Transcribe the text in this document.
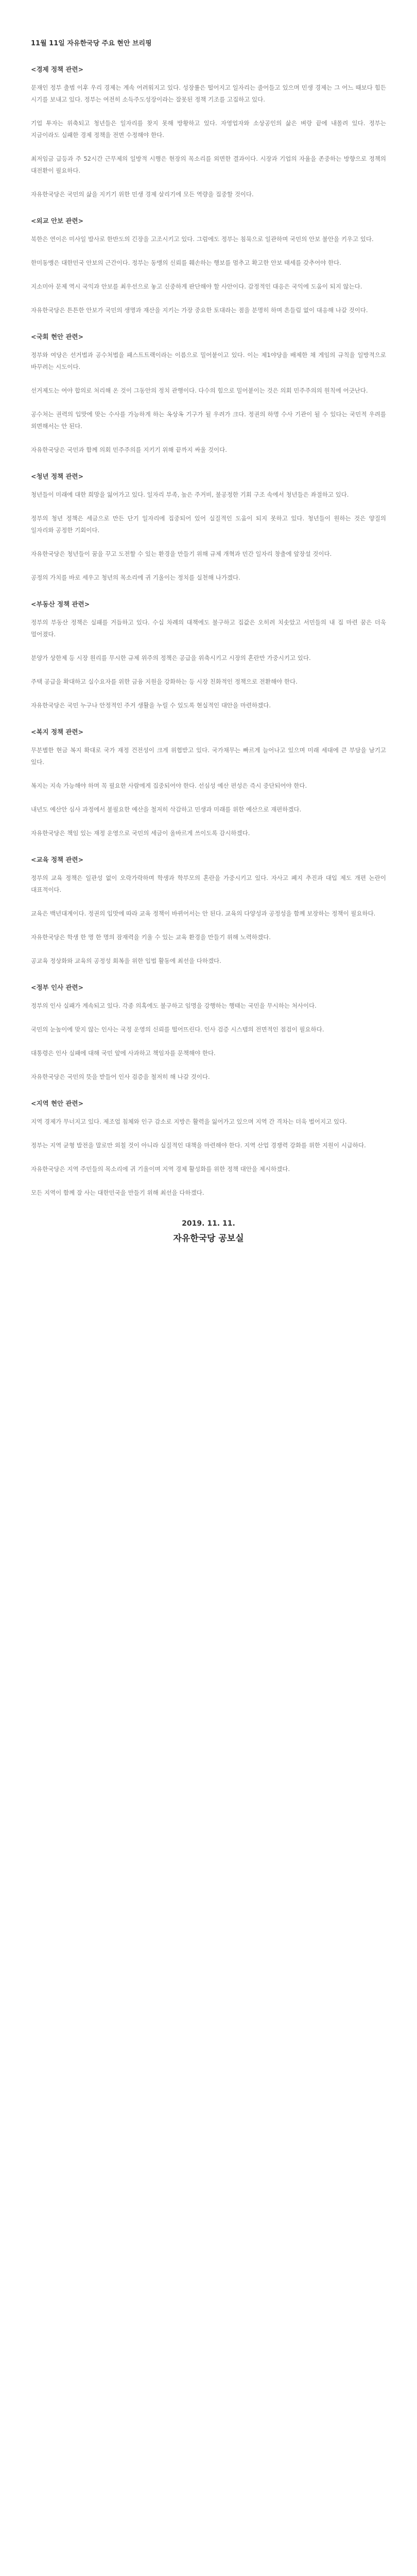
11월 11일 자유한국당 주요 현안 브리핑
<경제 정책 관련>

문재인 정부 출범 이후 우리 경제는 계속 어려워지고 있다. 성장률은 떨어지고 일자리는 줄어들고 있으며 민생 경제는 그 어느 때보다 힘든 시기를 보내고 있다. 정부는 여전히 소득주도성장이라는 잘못된 정책 기조를 고집하고 있다.

기업 투자는 위축되고 청년들은 일자리를 찾지 못해 방황하고 있다. 자영업자와 소상공인의 삶은 벼랑 끝에 내몰려 있다. 정부는 지금이라도 실패한 경제 정책을 전면 수정해야 한다.

최저임금 급등과 주 52시간 근무제의 일방적 시행은 현장의 목소리를 외면한 결과이다. 시장과 기업의 자율을 존중하는 방향으로 정책의 대전환이 필요하다.

자유한국당은 국민의 삶을 지키기 위한 민생 경제 살리기에 모든 역량을 집중할 것이다.

<외교 안보 관련>

북한은 연이은 미사일 발사로 한반도의 긴장을 고조시키고 있다. 그럼에도 정부는 침묵으로 일관하며 국민의 안보 불안을 키우고 있다.

한미동맹은 대한민국 안보의 근간이다. 정부는 동맹의 신뢰를 훼손하는 행보를 멈추고 확고한 안보 태세를 갖추어야 한다.

지소미아 문제 역시 국익과 안보를 최우선으로 놓고 신중하게 판단해야 할 사안이다. 감정적인 대응은 국익에 도움이 되지 않는다.

자유한국당은 튼튼한 안보가 국민의 생명과 재산을 지키는 가장 중요한 토대라는 점을 분명히 하며 흔들림 없이 대응해 나갈 것이다.

<국회 현안 관련>

정부와 여당은 선거법과 공수처법을 패스트트랙이라는 이름으로 밀어붙이고 있다. 이는 제1야당을 배제한 채 게임의 규칙을 일방적으로 바꾸려는 시도이다.

선거제도는 여야 합의로 처리해 온 것이 그동안의 정치 관행이다. 다수의 힘으로 밀어붙이는 것은 의회 민주주의의 원칙에 어긋난다.

공수처는 권력의 입맛에 맞는 수사를 가능하게 하는 옥상옥 기구가 될 우려가 크다. 정권의 하명 수사 기관이 될 수 있다는 국민적 우려를 외면해서는 안 된다.

자유한국당은 국민과 함께 의회 민주주의를 지키기 위해 끝까지 싸울 것이다.

<청년 정책 관련>

청년들이 미래에 대한 희망을 잃어가고 있다. 일자리 부족, 높은 주거비, 불공정한 기회 구조 속에서 청년들은 좌절하고 있다.

정부의 청년 정책은 세금으로 만든 단기 일자리에 집중되어 있어 실질적인 도움이 되지 못하고 있다. 청년들이 원하는 것은 양질의 일자리와 공정한 기회이다.

자유한국당은 청년들이 꿈을 꾸고 도전할 수 있는 환경을 만들기 위해 규제 개혁과 민간 일자리 창출에 앞장설 것이다.

공정의 가치를 바로 세우고 청년의 목소리에 귀 기울이는 정치를 실천해 나가겠다.

<부동산 정책 관련>

정부의 부동산 정책은 실패를 거듭하고 있다. 수십 차례의 대책에도 불구하고 집값은 오히려 치솟았고 서민들의 내 집 마련 꿈은 더욱 멀어졌다.

분양가 상한제 등 시장 원리를 무시한 규제 위주의 정책은 공급을 위축시키고 시장의 혼란만 가중시키고 있다.

주택 공급을 확대하고 실수요자를 위한 금융 지원을 강화하는 등 시장 친화적인 정책으로 전환해야 한다.

자유한국당은 국민 누구나 안정적인 주거 생활을 누릴 수 있도록 현실적인 대안을 마련하겠다.

<복지 정책 관련>

무분별한 현금 복지 확대로 국가 재정 건전성이 크게 위협받고 있다. 국가채무는 빠르게 늘어나고 있으며 미래 세대에 큰 부담을 남기고 있다.

복지는 지속 가능해야 하며 꼭 필요한 사람에게 집중되어야 한다. 선심성 예산 편성은 즉시 중단되어야 한다.

내년도 예산안 심사 과정에서 불필요한 예산을 철저히 삭감하고 민생과 미래를 위한 예산으로 재편하겠다.

자유한국당은 책임 있는 재정 운영으로 국민의 세금이 올바르게 쓰이도록 감시하겠다.

<교육 정책 관련>

정부의 교육 정책은 일관성 없이 오락가락하며 학생과 학부모의 혼란을 가중시키고 있다. 자사고 폐지 추진과 대입 제도 개편 논란이 대표적이다.

교육은 백년대계이다. 정권의 입맛에 따라 교육 정책이 바뀌어서는 안 된다. 교육의 다양성과 공정성을 함께 보장하는 정책이 필요하다.

자유한국당은 학생 한 명 한 명의 잠재력을 키울 수 있는 교육 환경을 만들기 위해 노력하겠다.

공교육 정상화와 교육의 공정성 회복을 위한 입법 활동에 최선을 다하겠다.

<정부 인사 관련>

정부의 인사 실패가 계속되고 있다. 각종 의혹에도 불구하고 임명을 강행하는 행태는 국민을 무시하는 처사이다.

국민의 눈높이에 맞지 않는 인사는 국정 운영의 신뢰를 떨어뜨린다. 인사 검증 시스템의 전면적인 점검이 필요하다.

대통령은 인사 실패에 대해 국민 앞에 사과하고 책임자를 문책해야 한다.

자유한국당은 국민의 뜻을 받들어 인사 검증을 철저히 해 나갈 것이다.

<지역 현안 관련>

지역 경제가 무너지고 있다. 제조업 침체와 인구 감소로 지방은 활력을 잃어가고 있으며 지역 간 격차는 더욱 벌어지고 있다.

정부는 지역 균형 발전을 말로만 외칠 것이 아니라 실질적인 대책을 마련해야 한다. 지역 산업 경쟁력 강화를 위한 지원이 시급하다.

자유한국당은 지역 주민들의 목소리에 귀 기울이며 지역 경제 활성화를 위한 정책 대안을 제시하겠다.

모든 지역이 함께 잘 사는 대한민국을 만들기 위해 최선을 다하겠다.

2019. 11. 11.
자유한국당 공보실
